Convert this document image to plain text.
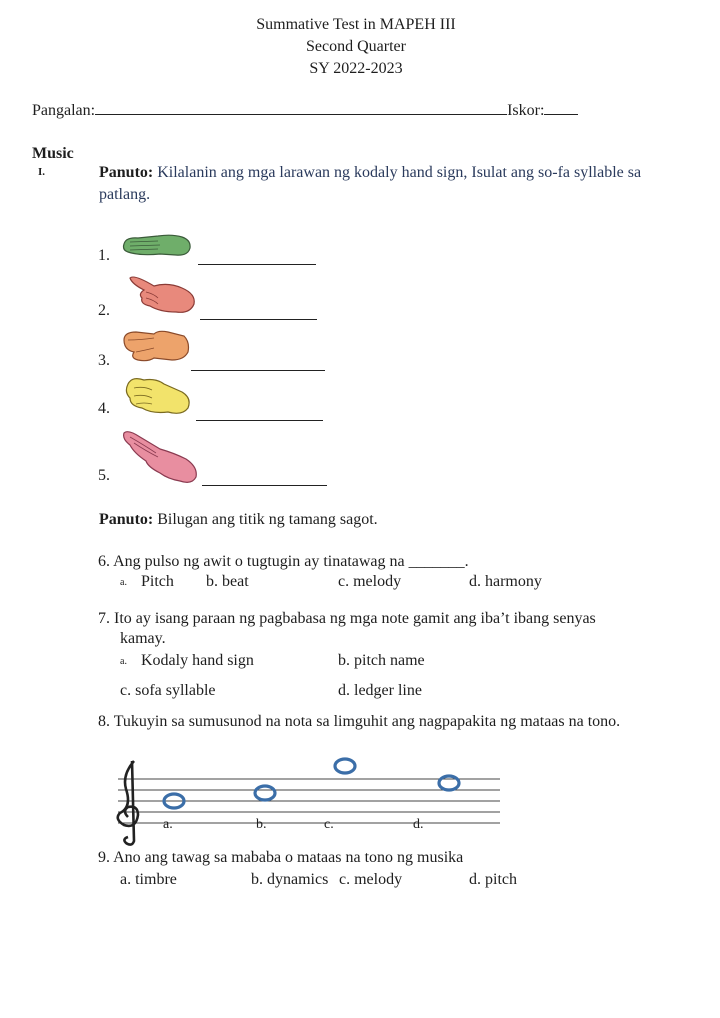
Summative Test in MAPEH III
Second Quarter
SY 2022-2023
Pangalan:	Iskor:
Music
I.	Panuto: Kilalanin ang mga larawan ng kodaly hand sign, Isulat ang so-fa syllable sa
patlang.
1.
2.
3.
4.
5.
Panuto: Bilugan ang titik ng tamang sagot.
6. Ang pulso ng awit o tugtugin ay tinatawag na _______.
a. Pitch b. beat	c. melody	d. harmony
7. Ito ay isang paraan ng pagbabasa ng mga note gamit ang iba’t ibang senyas
kamay.
a. Kodaly hand sign	b. pitch name
c. sofa syllable	d. ledger line
8. Tukuyin sa sumusunod na nota sa limguhit ang nagpapakita ng mataas na tono.
a.	b.	c.	d.
9. Ano ang tawag sa mababa o mataas na tono ng musika
a. timbre	b. dynamics c. melody	d. pitch
